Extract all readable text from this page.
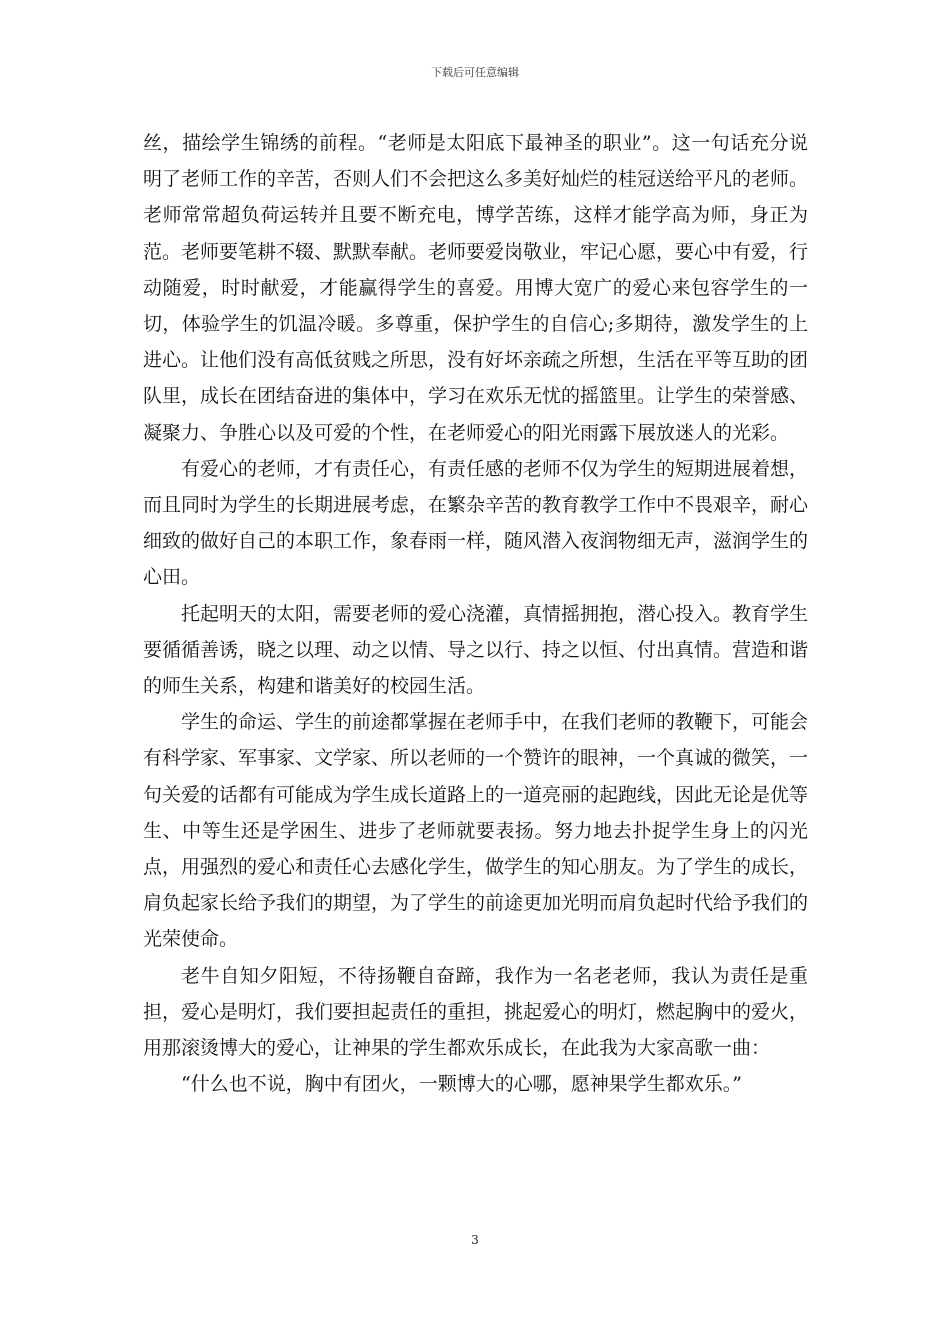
下载后可任意编辑

丝，描绘学生锦绣的前程。“老师是太阳底下最神圣的职业”。这一句话充分说明了老师工作的辛苦，否则人们不会把这么多美好灿烂的桂冠送给平凡的老师。老师常常超负荷运转并且要不断充电，博学苦练，这样才能学高为师，身正为范。老师要笔耕不辍、默默奉献。老师要爱岗敬业，牢记心愿，要心中有爱，行动随爱，时时献爱，才能赢得学生的喜爱。用博大宽广的爱心来包容学生的一切，体验学生的饥温冷暖。多尊重，保护学生的自信心;多期待，激发学生的上进心。让他们没有高低贫贱之所思，没有好坏亲疏之所想，生活在平等互助的团队里，成长在团结奋进的集体中，学习在欢乐无忧的摇篮里。让学生的荣誉感、凝聚力、争胜心以及可爱的个性，在老师爱心的阳光雨露下展放迷人的光彩。

有爱心的老师，才有责任心，有责任感的老师不仅为学生的短期进展着想，而且同时为学生的长期进展考虑，在繁杂辛苦的教育教学工作中不畏艰辛，耐心细致的做好自己的本职工作，象春雨一样，随风潜入夜润物细无声，滋润学生的心田。

托起明天的太阳，需要老师的爱心浇灌，真情摇拥抱，潜心投入。教育学生要循循善诱，晓之以理、动之以情、导之以行、持之以恒、付出真情。营造和谐的师生关系，构建和谐美好的校园生活。

学生的命运、学生的前途都掌握在老师手中，在我们老师的教鞭下，可能会有科学家、军事家、文学家、所以老师的一个赞许的眼神，一个真诚的微笑，一句关爱的话都有可能成为学生成长道路上的一道亮丽的起跑线，因此无论是优等生、中等生还是学困生、进步了老师就要表扬。努力地去扑捉学生身上的闪光点，用强烈的爱心和责任心去感化学生，做学生的知心朋友。为了学生的成长，肩负起家长给予我们的期望，为了学生的前途更加光明而肩负起时代给予我们的光荣使命。

老牛自知夕阳短，不待扬鞭自奋蹄，我作为一名老老师，我认为责任是重担，爱心是明灯，我们要担起责任的重担，挑起爱心的明灯，燃起胸中的爱火，用那滚烫博大的爱心，让神果的学生都欢乐成长，在此我为大家高歌一曲：

“什么也不说，胸中有团火，一颗博大的心哪，愿神果学生都欢乐。”

3
